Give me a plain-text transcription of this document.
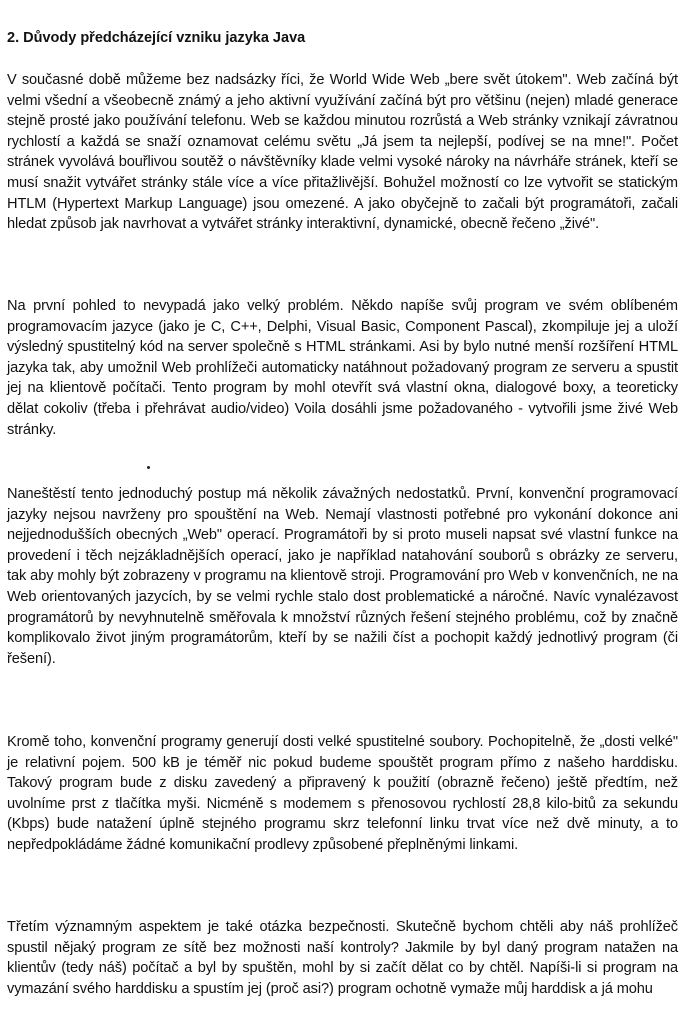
2. Důvody předcházející vzniku jazyka Java

V současné době můžeme bez nadsázky říci, že World Wide Web „bere svět útokem". Web začíná být velmi všední a všeobecně známý a jeho aktivní využívání začíná být pro většinu (nejen) mladé generace stejně prosté jako používání telefonu. Web se každou minutou rozrůstá a Web stránky vznikají závratnou rychlostí a každá se snaží oznamovat celému světu „Já jsem ta nejlepší, podívej se na mne!". Počet stránek vyvolává bouřlivou soutěž o návštěvníky klade velmi vysoké nároky na návrháře stránek, kteří se musí snažit vytvářet stránky stále více a více přitažlivější. Bohužel možností co lze vytvořit se statickým HTLM (Hypertext Markup Language) jsou omezené. A jako obyčejně to začali být programátoři, začali hledat způsob jak navrhovat a vytvářet stránky interaktivní, dynamické, obecně řečeno „živé".

Na první pohled to nevypadá jako velký problém. Někdo napíše svůj program ve svém oblíbeném programovacím jazyce (jako je C, C++, Delphi, Visual Basic, Component Pascal), zkompiluje jej a uloží výsledný spustitelný kód na server společně s HTML stránkami. Asi by bylo nutné menší rozšíření HTML jazyka tak, aby umožnil Web prohlížeči automaticky natáhnout požadovaný program ze serveru a spustit jej na klientově počítači. Tento program by mohl otevřít svá vlastní okna, dialogové boxy, a teoreticky dělat cokoliv (třeba i přehrávat audio/video) Voila dosáhli jsme požadovaného - vytvořili jsme živé Web stránky.

Naneštěstí tento jednoduchý postup má několik závažných nedostatků. První, konvenční programovací jazyky nejsou navrženy pro spouštění na Web. Nemají vlastnosti potřebné pro vykonání dokonce ani nejjednodušších obecných „Web" operací. Programátoři by si proto museli napsat své vlastní funkce na provedení i těch nejzákladnějších operací, jako je například natahování souborů s obrázky ze serveru, tak aby mohly být zobrazeny v programu na klientově stroji. Programování pro Web v konvenčních, ne na Web orientovaných jazycích, by se velmi rychle stalo dost problematické a náročné. Navíc vynalézavost programátorů by nevyhnutelně směřovala k množství různých řešení stejného problému, což by značně komplikovalo život jiným programátorům, kteří by se nažili číst a pochopit každý jednotlivý program (či řešení).

Kromě toho, konvenční programy generují dosti velké spustitelné soubory. Pochopitelně, že „dosti velké" je relativní pojem. 500 kB je téměř nic pokud budeme spouštět program přímo z našeho harddisku. Takový program bude z disku zavedený a připravený k použití (obrazně řečeno) ještě předtím, než uvolníme prst z tlačítka myši. Nicméně s modemem s přenosovou rychlostí 28,8 kilo-bitů za sekundu (Kbps) bude natažení úplně stejného programu skrz telefonní linku trvat více než dvě minuty, a to nepředpokládáme žádné komunikační prodlevy způsobené přeplněnými linkami.

Třetím významným aspektem je také otázka bezpečnosti. Skutečně bychom chtěli aby náš prohlížeč spustil nějaký program ze sítě bez možnosti naší kontroly? Jakmile by byl daný program natažen na klientův (tedy náš) počítač a byl by spuštěn, mohl by si začít dělat co by chtěl. Napíši-li si program na vymazání svého harddisku a spustím jej (proč asi?) program ochotně vymaže můj harddisk a já mohu
